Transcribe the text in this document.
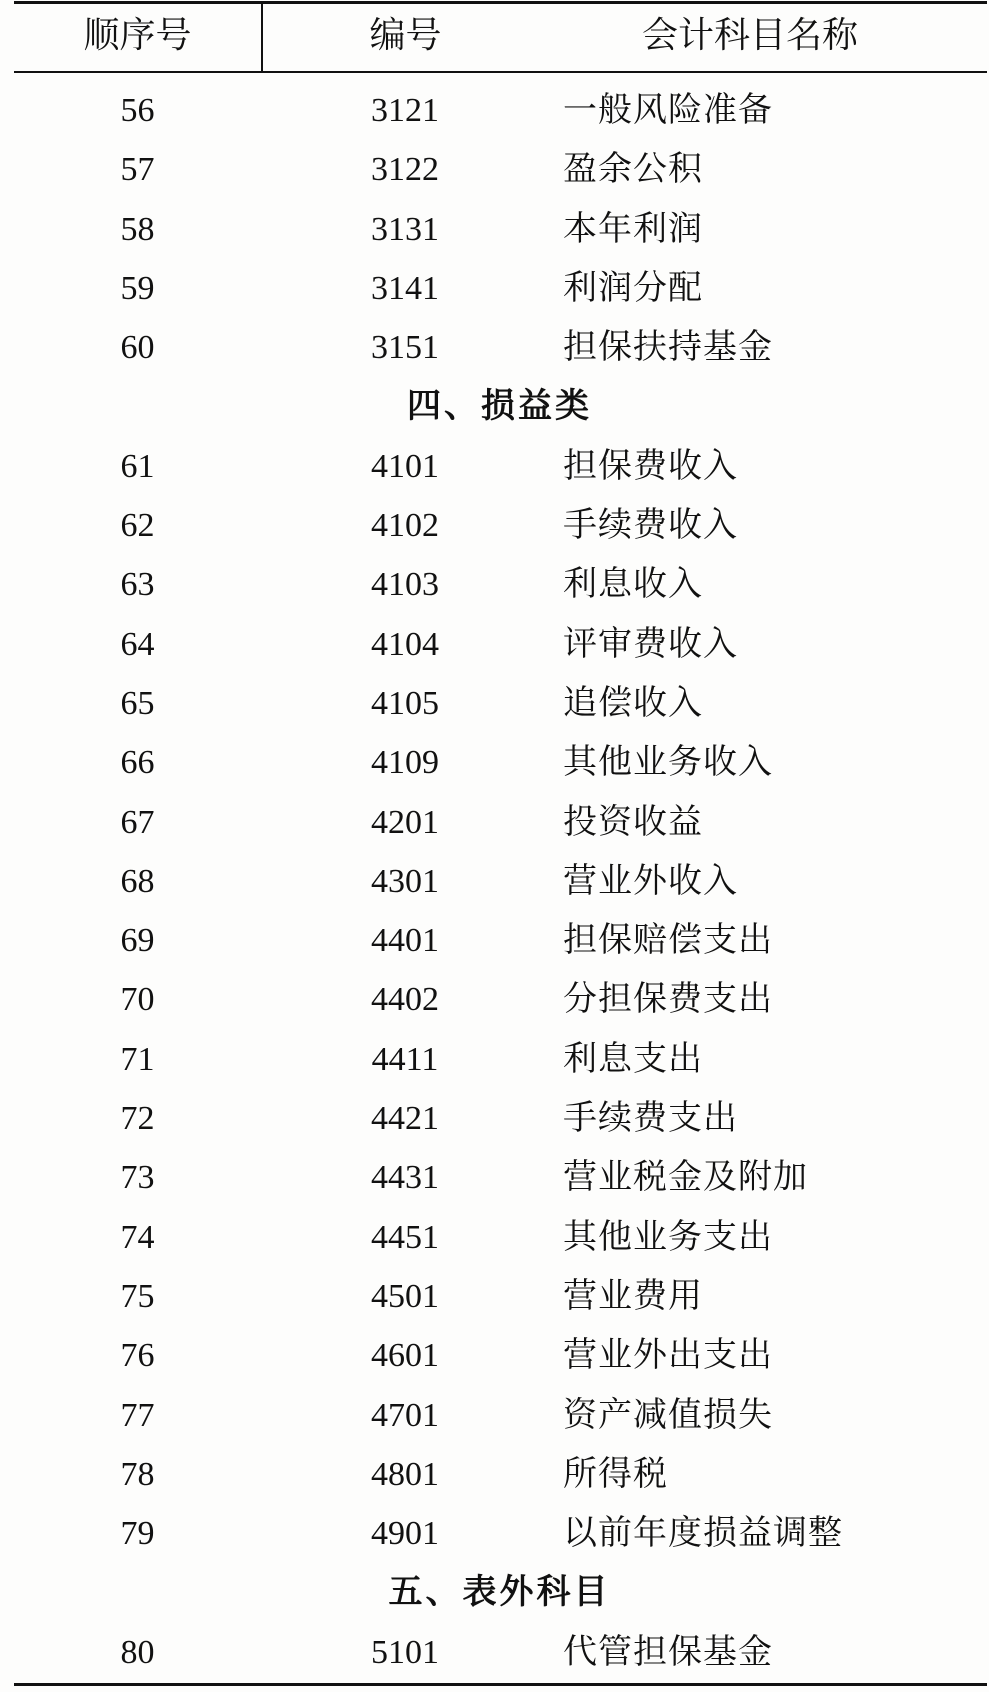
顺序号	编号	会计科目名称
56	3121	一般风险准备
57	3122	盈余公积
58	3131	本年利润
59	3141	利润分配
60	3151	担保扶持基金
四、损益类
61	4101	担保费收入
62	4102	手续费收入
63	4103	利息收入
64	4104	评审费收入
65	4105	追偿收入
66	4109	其他业务收入
67	4201	投资收益
68	4301	营业外收入
69	4401	担保赔偿支出
70	4402	分担保费支出
71	4411	利息支出
72	4421	手续费支出
73	4431	营业税金及附加
74	4451	其他业务支出
75	4501	营业费用
76	4601	营业外出支出
77	4701	资产减值损失
78	4801	所得税
79	4901	以前年度损益调整
五、表外科目
80	5101	代管担保基金
